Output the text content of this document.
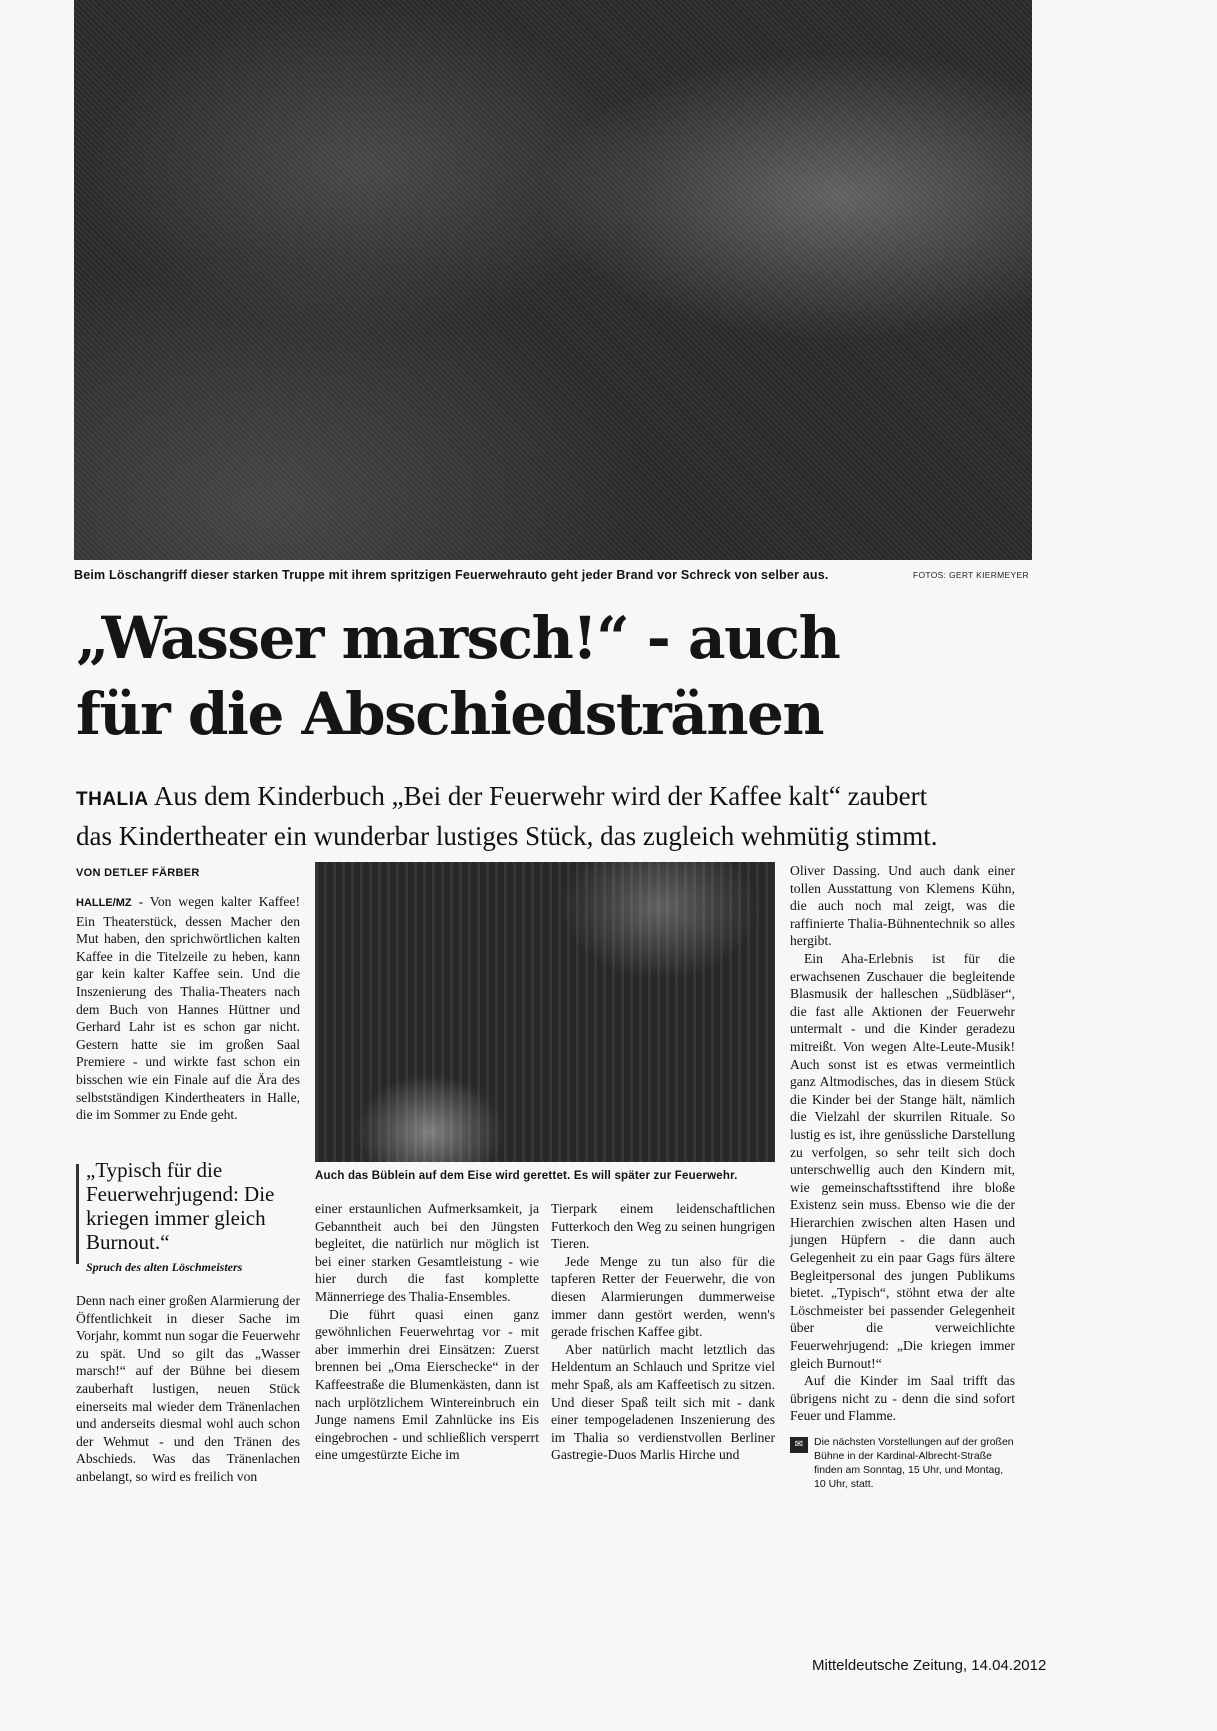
Beim Löschangriff dieser starken Truppe mit ihrem spritzigen Feuerwehrauto geht jeder Brand vor Schreck von selber aus.	FOTOS: GERT KIERMEYER
„Wasser marsch!“ - auch
für die Abschiedstränen
THALIA Aus dem Kinderbuch „Bei der Feuerwehr wird der Kaffee kalt“ zaubert
das Kindertheater ein wunderbar lustiges Stück, das zugleich wehmütig stimmt.
VON DETLEF FÄRBER

HALLE/MZ - Von wegen kalter Kaffee! Ein Theaterstück, dessen Macher den Mut haben, den sprichwörtlichen kalten Kaffee in die Titelzeile zu heben, kann gar kein kalter Kaffee sein. Und die Inszenierung des Thalia-Theaters nach dem Buch von Hannes Hüttner und Gerhard Lahr ist es schon gar nicht. Gestern hatte sie im großen Saal Premiere - und wirkte fast schon ein bisschen wie ein Finale auf die Ära des selbstständigen Kindertheaters in Halle, die im Sommer zu Ende geht.

„Typisch für die Feuerwehrjugend: Die kriegen immer gleich Burnout.“
Spruch des alten Löschmeisters

Denn nach einer großen Alarmierung der Öffentlichkeit in dieser Sache im Vorjahr, kommt nun sogar die Feuerwehr zu spät. Und so gilt das „Wasser marsch!“ auf der Bühne bei diesem zauberhaft lustigen, neuen Stück einerseits mal wieder dem Tränenlachen und anderseits diesmal wohl auch schon der Wehmut - und den Tränen des Abschieds. Was das Tränenlachen anbelangt, so wird es freilich von

Auch das Büblein auf dem Eise wird gerettet. Es will später zur Feuerwehr.

einer erstaunlichen Aufmerksamkeit, ja Gebanntheit auch bei den Jüngsten begleitet, die natürlich nur möglich ist bei einer starken Gesamtleistung - wie hier durch die fast komplette Männerriege des Thalia-Ensembles.

Die führt quasi einen ganz gewöhnlichen Feuerwehrtag vor - mit aber immerhin drei Einsätzen: Zuerst brennen bei „Oma Eierschecke“ in der Kaffeestraße die Blumenkästen, dann ist nach urplötzlichem Wintereinbruch ein Junge namens Emil Zahnlücke ins Eis eingebrochen - und schließlich versperrt eine umgestürzte Eiche im

Tierpark einem leidenschaftlichen Futterkoch den Weg zu seinen hungrigen Tieren.

Jede Menge zu tun also für die tapferen Retter der Feuerwehr, die von diesen Alarmierungen dummerweise immer dann gestört werden, wenn's gerade frischen Kaffee gibt.

Aber natürlich macht letztlich das Heldentum an Schlauch und Spritze viel mehr Spaß, als am Kaffeetisch zu sitzen. Und dieser Spaß teilt sich mit - dank einer tempogeladenen Inszenierung des im Thalia so verdienstvollen Berliner Gastregie-Duos Marlis Hirche und

Oliver Dassing. Und auch dank einer tollen Ausstattung von Klemens Kühn, die auch noch mal zeigt, was die raffinierte Thalia-Bühnentechnik so alles hergibt.

Ein Aha-Erlebnis ist für die erwachsenen Zuschauer die begleitende Blasmusik der halleschen „Südbläser“, die fast alle Aktionen der Feuerwehr untermalt - und die Kinder geradezu mitreißt. Von wegen Alte-Leute-Musik! Auch sonst ist es etwas vermeintlich ganz Altmodisches, das in diesem Stück die Kinder bei der Stange hält, nämlich die Vielzahl der skurrilen Rituale. So lustig es ist, ihre genüssliche Darstellung zu verfolgen, so sehr teilt sich doch unterschwellig auch den Kindern mit, wie gemeinschaftsstiftend ihre bloße Existenz sein muss. Ebenso wie die der Hierarchien zwischen alten Hasen und jungen Hüpfern - die dann auch Gelegenheit zu ein paar Gags fürs ältere Begleitpersonal des jungen Publikums bietet. „Typisch“, stöhnt etwa der alte Löschmeister bei passender Gelegenheit über die verweichlichte Feuerwehrjugend: „Die kriegen immer gleich Burnout!“

Auf die Kinder im Saal trifft das übrigens nicht zu - denn die sind sofort Feuer und Flamme.

✉	Die nächsten Vorstellungen auf der großen Bühne in der Kardinal-Albrecht-Straße finden am Sonntag, 15 Uhr, und Montag, 10 Uhr, statt.
Mitteldeutsche Zeitung, 14.04.2012
